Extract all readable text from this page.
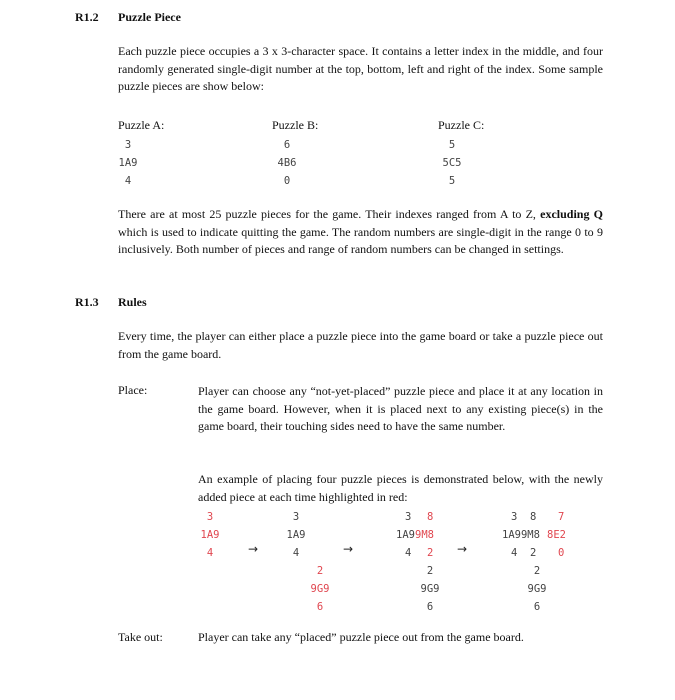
R1.2 Puzzle Piece
Each puzzle piece occupies a 3 x 3-character space. It contains a letter index in the middle, and four randomly generated single-digit number at the top, bottom, left and right of the index. Some sample puzzle pieces are show below:
Puzzle A:
3
1A9
4
Puzzle B:
6
4B6
0
Puzzle C:
5
5C5
5
There are at most 25 puzzle pieces for the game. Their indexes ranged from A to Z, excluding Q which is used to indicate quitting the game. The random numbers are single-digit in the range 0 to 9 inclusively. Both number of pieces and range of random numbers can be changed in settings.
R1.3 Rules
Every time, the player can either place a puzzle piece into the game board or take a puzzle piece out from the game board.
Place:	Player can choose any “not-yet-placed” puzzle piece and place it at any location in the game board. However, when it is placed next to any existing piece(s) in the game board, their touching sides need to have the same number.
An example of placing four puzzle pieces is demonstrated below, with the newly added piece at each time highlighted in red:
3
1A9
4	→
3
1A9
4
2
9G9
6
→
3 8
1A9 9M8
4 2
2
9G9
6
→
3  8 7
1A99M8 8E2
4  2 0
2
9G9
6
Take out:	Player can take any “placed” puzzle piece out from the game board.
